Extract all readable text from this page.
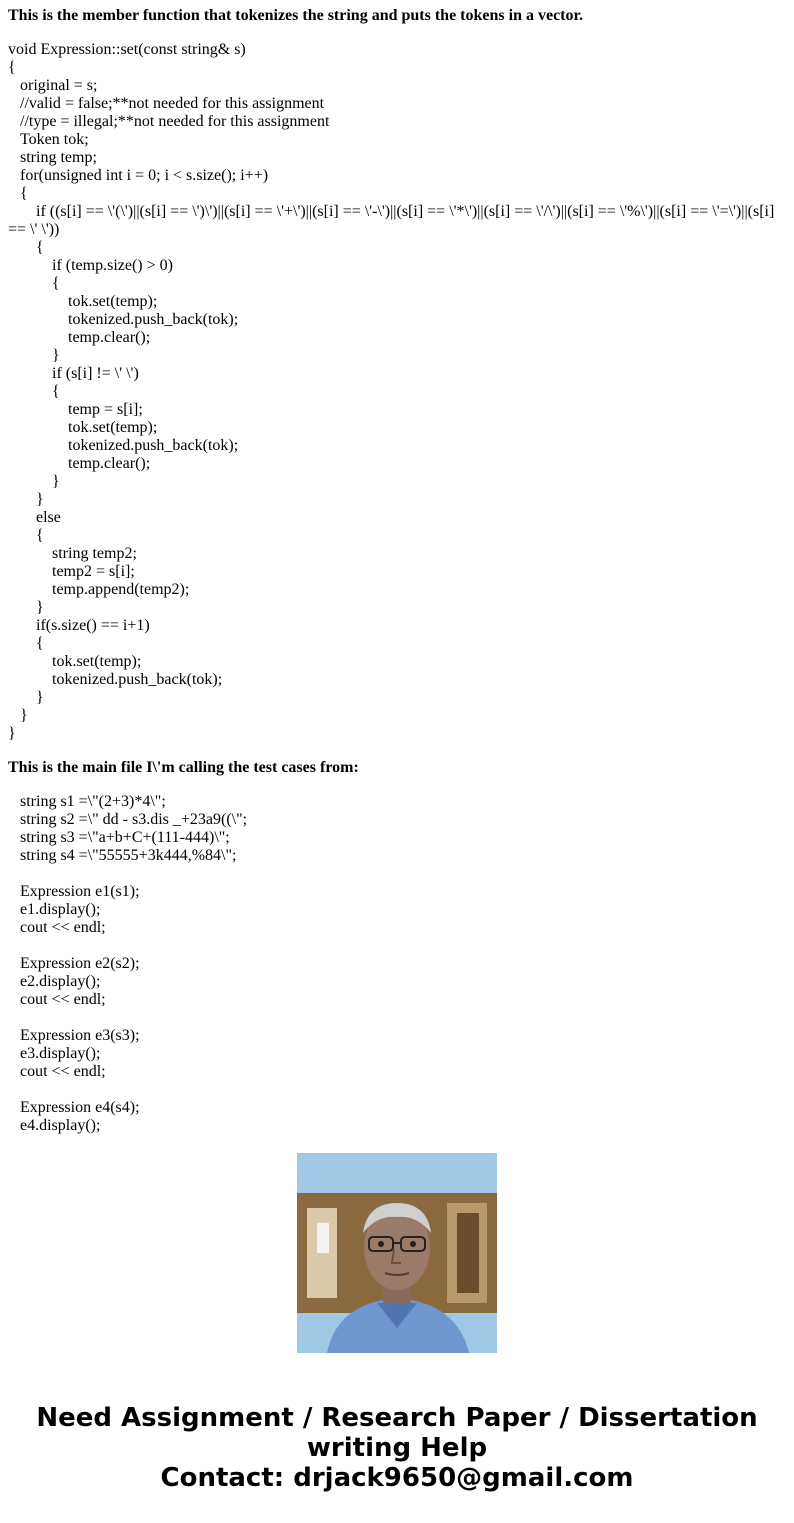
This is the member function that tokenizes the string and puts the tokens in a vector.

void Expression::set(const string& s)
{
original = s;
//valid = false;**not needed for this assignment
//type = illegal;**not needed for this assignment
Token tok;
string temp;
for(unsigned int i = 0; i < s.size(); i++)
{
if ((s[i] == \'(\')||(s[i] == \')\')||(s[i] == \'+\')||(s[i] == \'-\')||(s[i] == \'*\')||(s[i] == \'/\')||(s[i] == \'%\')||(s[i] == \'=\')||(s[i] == \' \'))
{
if (temp.size() > 0)
{
tok.set(temp);
tokenized.push_back(tok);
temp.clear();
}
if (s[i] != \' \')
{
temp = s[i];
tok.set(temp);
tokenized.push_back(tok);
temp.clear();
}
}
else
{
string temp2;
temp2 = s[i];
temp.append(temp2);
}
if(s.size() == i+1)
{
tok.set(temp);
tokenized.push_back(tok);
}
}
}

This is the main file I\'m calling the test cases from:

string s1 =\"(2+3)*4\";
string s2 =\" dd - s3.dis _+23a9((\";
string s3 =\"a+b+C+(111-444)\";
string s4 =\"55555+3k444,%84\";
Expression e1(s1);
e1.display();
cout << endl;
Expression e2(s2);
e2.display();
cout << endl;
Expression e3(s3);
e3.display();
cout << endl;
Expression e4(s4);
e4.display();
Need Assignment / Research Paper / Dissertation
writing Help
Contact: drjack9650@gmail.com
